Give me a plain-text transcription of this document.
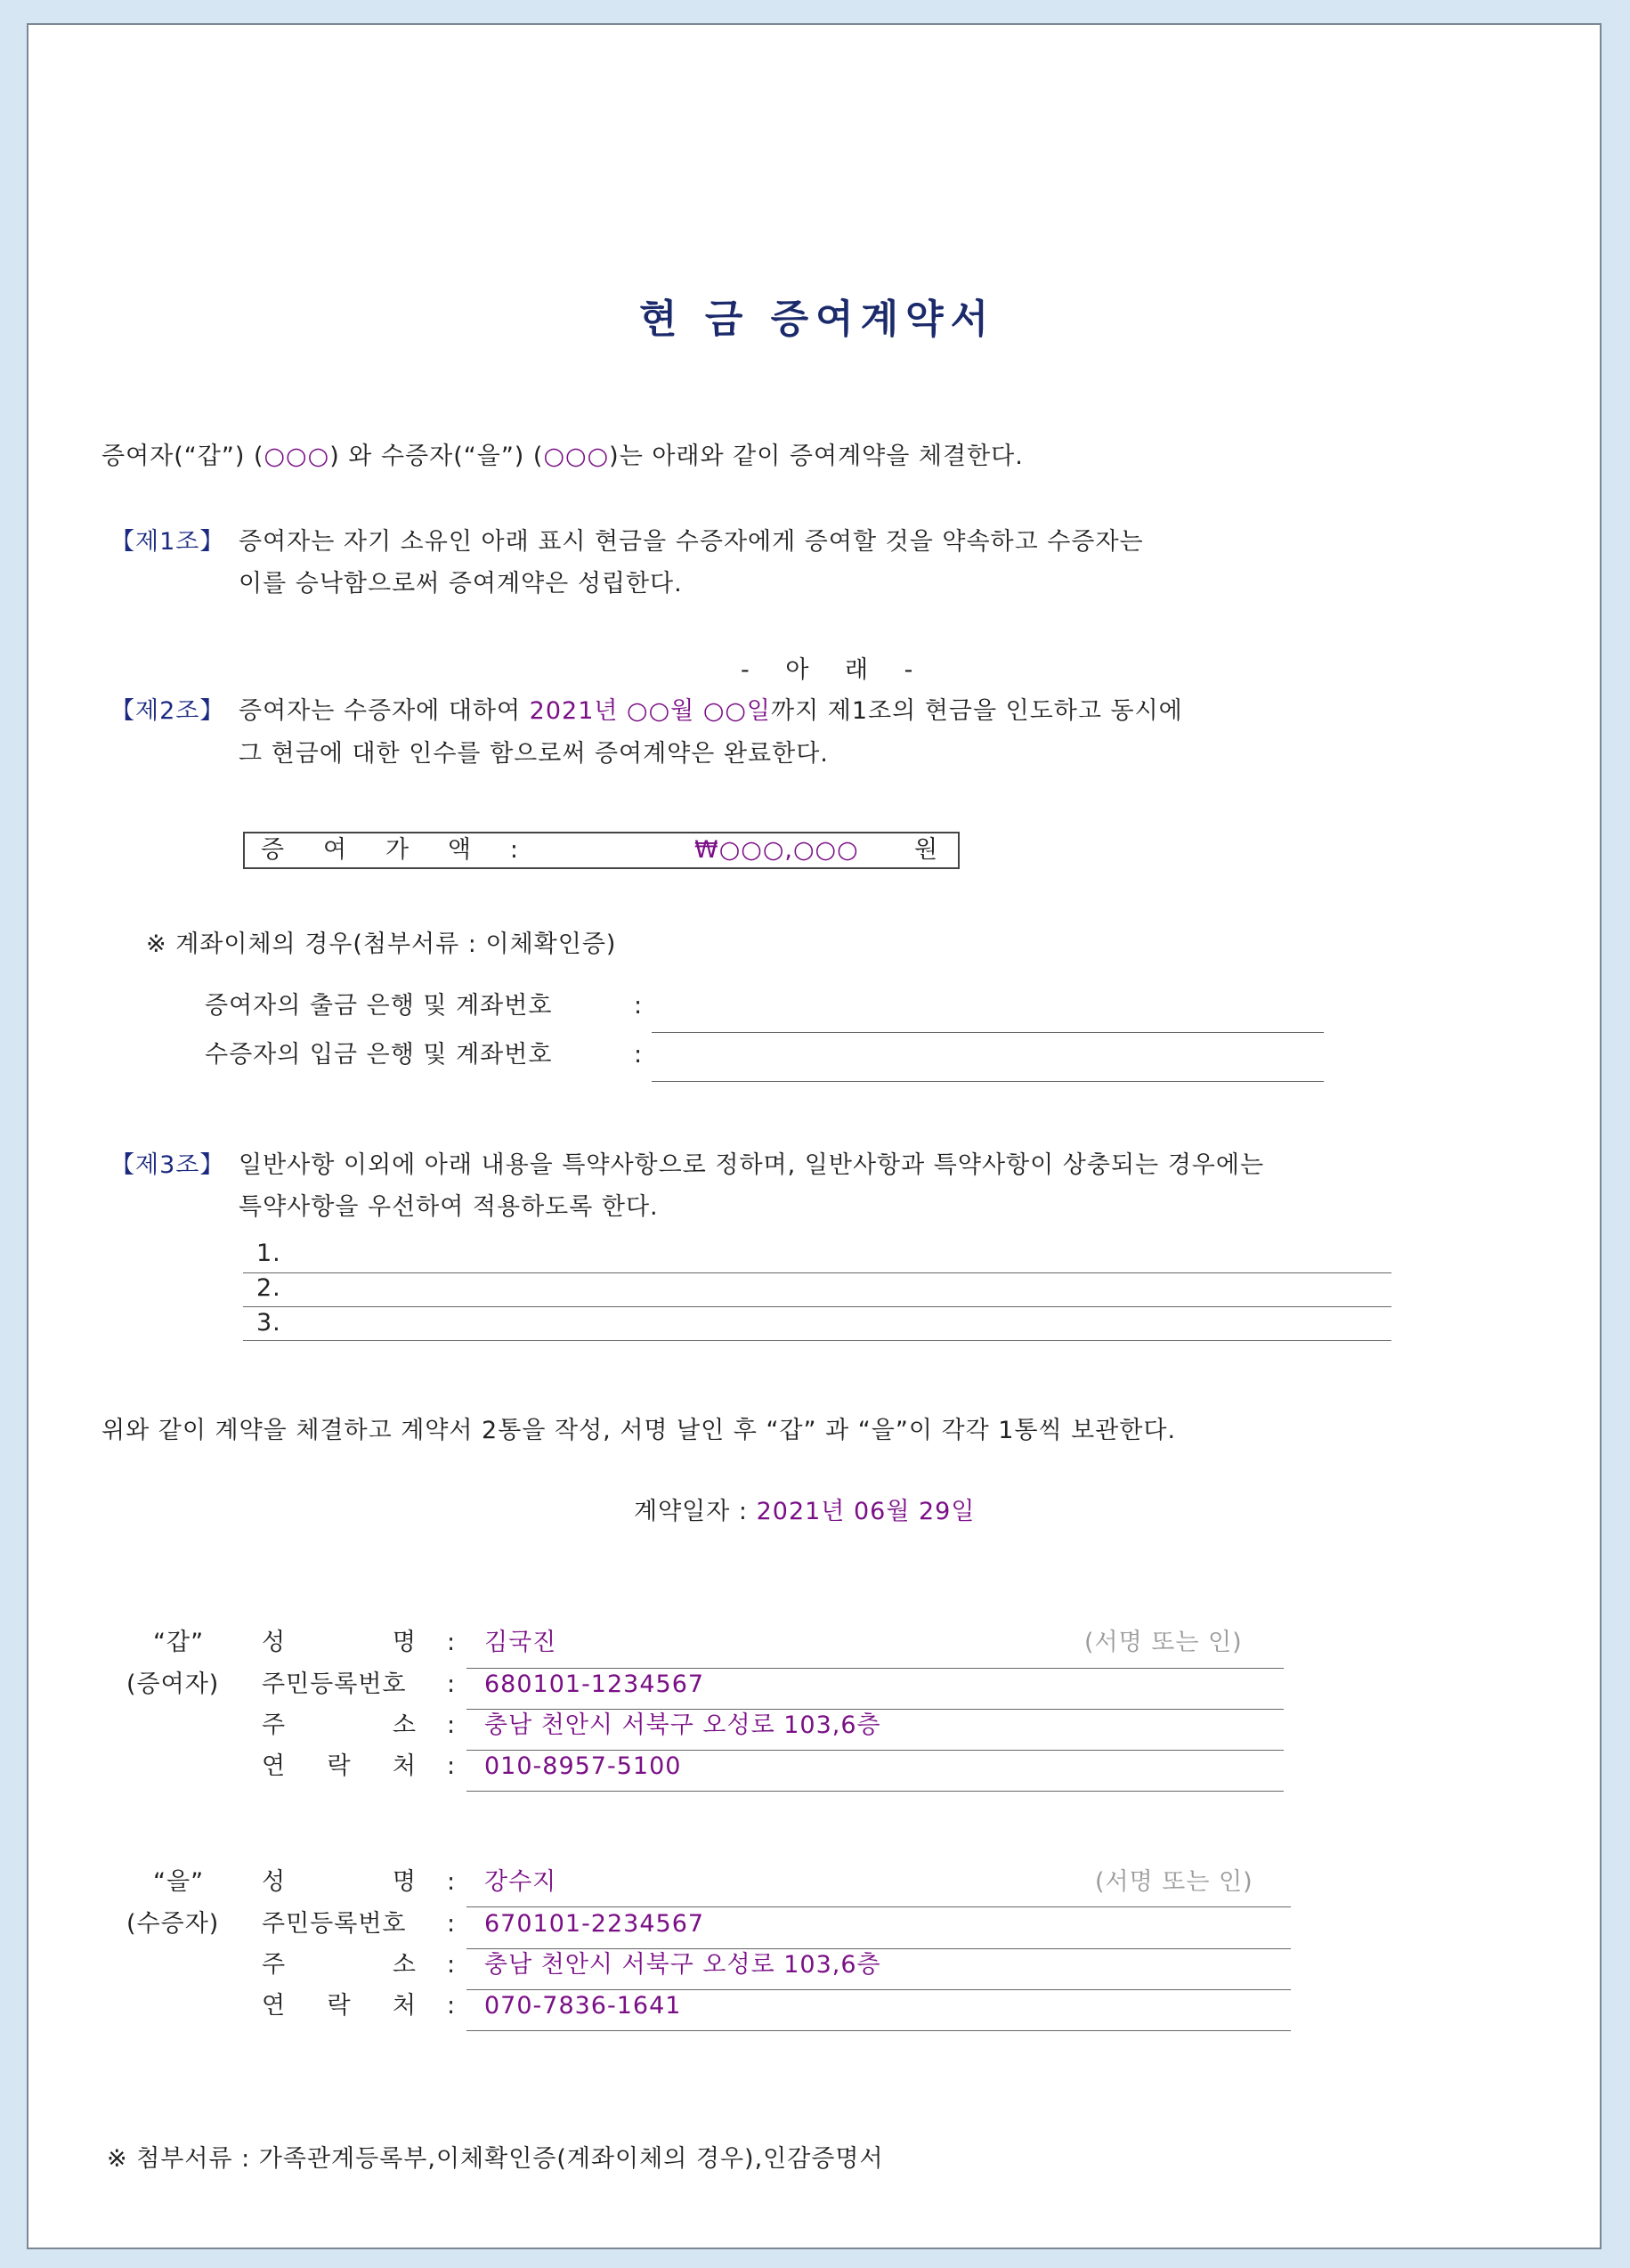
현 금 증여계약서
증여자(“갑”) (○○○) 와 수증자(“을”) (○○○)는 아래와 같이 증여계약을 체결한다.
【제1조】 증여자는 자기 소유인 아래 표시 현금을 수증자에게 증여할 것을 약속하고 수증자는
이를 승낙함으로써 증여계약은 성립한다.
- 아 래 -
【제2조】 증여자는 수증자에 대하여 2021년 ○○월 ○○일까지 제1조의 현금을 인도하고 동시에
그 현금에 대한 인수를 함으로써 증여계약은 완료한다.
증 여 가 액 :	₩○○○,○○○ 원
※ 계좌이체의 경우(첨부서류 : 이체확인증)
증여자의 출금 은행 및 계좌번호	:
수증자의 입금 은행 및 계좌번호	:
【제3조】 일반사항 이외에 아래 내용을 특약사항으로 정하며, 일반사항과 특약사항이 상충되는 경우에는
특약사항을 우선하여 적용하도록 한다.
1.
2.
3.
위와 같이 계약을 체결하고 계약서 2통을 작성, 서명 날인 후 “갑” 과 “을”이 각각 1통씩 보관한다.
계약일자 : 2021년 06월 29일
“갑”
(증여자)
성	명 : 김국진	(서명 또는 인)
주민등록번호 : 680101-1234567
주	소 : 충남 천안시 서북구 오성로 103,6층
연 락 처 : 010-8957-5100
“을”
(수증자)
성	명 : 강수지	(서명 또는 인)
주민등록번호 : 670101-2234567
주	소 : 충남 천안시 서북구 오성로 103,6층
연 락 처 : 070-7836-1641
※ 첨부서류 : 가족관계등록부,이체확인증(계좌이체의 경우),인감증명서
